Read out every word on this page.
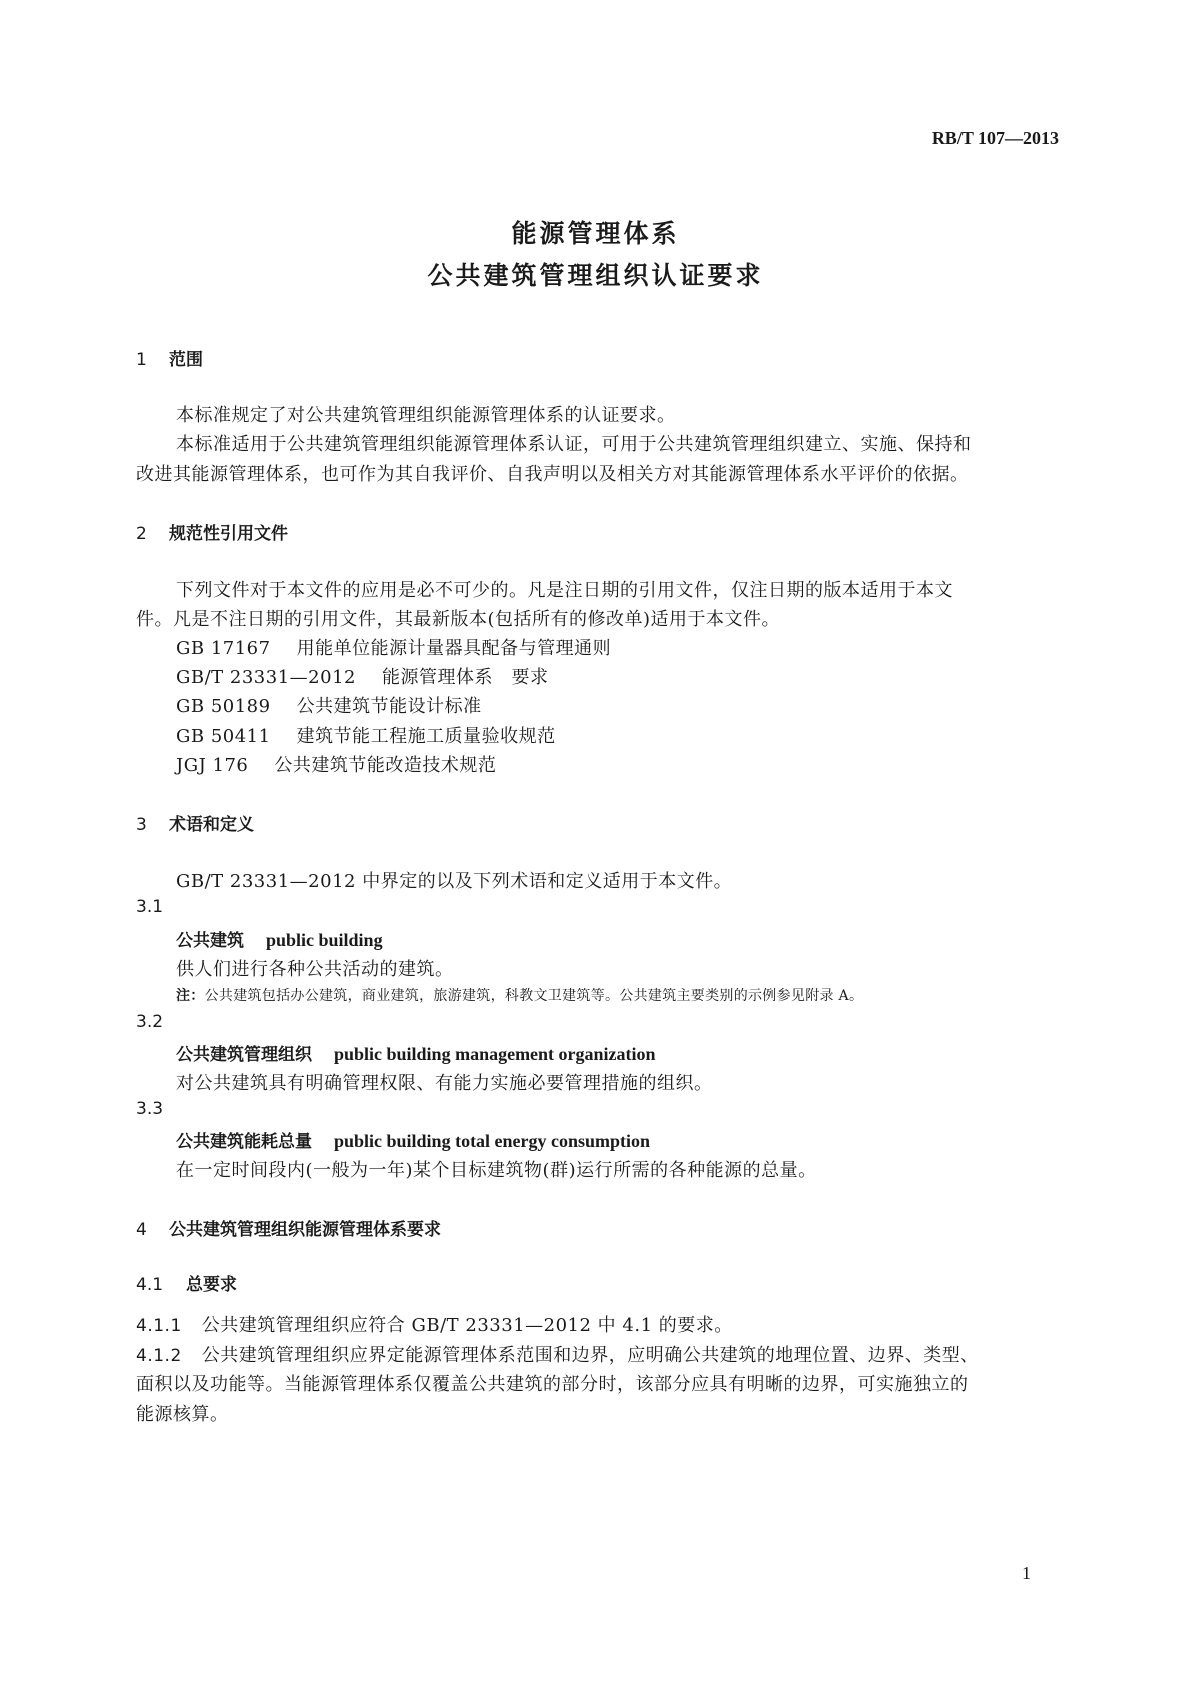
RB/T 107—2013
能源管理体系
公共建筑管理组织认证要求
1 范围
本标准规定了对公共建筑管理组织能源管理体系的认证要求。
本标准适用于公共建筑管理组织能源管理体系认证，可用于公共建筑管理组织建立、实施、保持和
改进其能源管理体系，也可作为其自我评价、自我声明以及相关方对其能源管理体系水平评价的依据。
2 规范性引用文件
下列文件对于本文件的应用是必不可少的。凡是注日期的引用文件，仅注日期的版本适用于本文
件。凡是不注日期的引用文件，其最新版本(包括所有的修改单)适用于本文件。
GB 17167 用能单位能源计量器具配备与管理通则
GB/T 23331—2012 能源管理体系　要求
GB 50189 公共建筑节能设计标准
GB 50411 建筑节能工程施工质量验收规范
JGJ 176 公共建筑节能改造技术规范
3 术语和定义
GB/T 23331—2012 中界定的以及下列术语和定义适用于本文件。
3.1
公共建筑 public building
供人们进行各种公共活动的建筑。
注：公共建筑包括办公建筑，商业建筑，旅游建筑，科教文卫建筑等。公共建筑主要类别的示例参见附录 A。
3.2
公共建筑管理组织 public building management organization
对公共建筑具有明确管理权限、有能力实施必要管理措施的组织。
3.3
公共建筑能耗总量 public building total energy consumption
在一定时间段内(一般为一年)某个目标建筑物(群)运行所需的各种能源的总量。
4 公共建筑管理组织能源管理体系要求
4.1 总要求
4.1.1 公共建筑管理组织应符合 GB/T 23331—2012 中 4.1 的要求。
4.1.2 公共建筑管理组织应界定能源管理体系范围和边界，应明确公共建筑的地理位置、边界、类型、
面积以及功能等。当能源管理体系仅覆盖公共建筑的部分时，该部分应具有明晰的边界，可实施独立的
能源核算。
1
